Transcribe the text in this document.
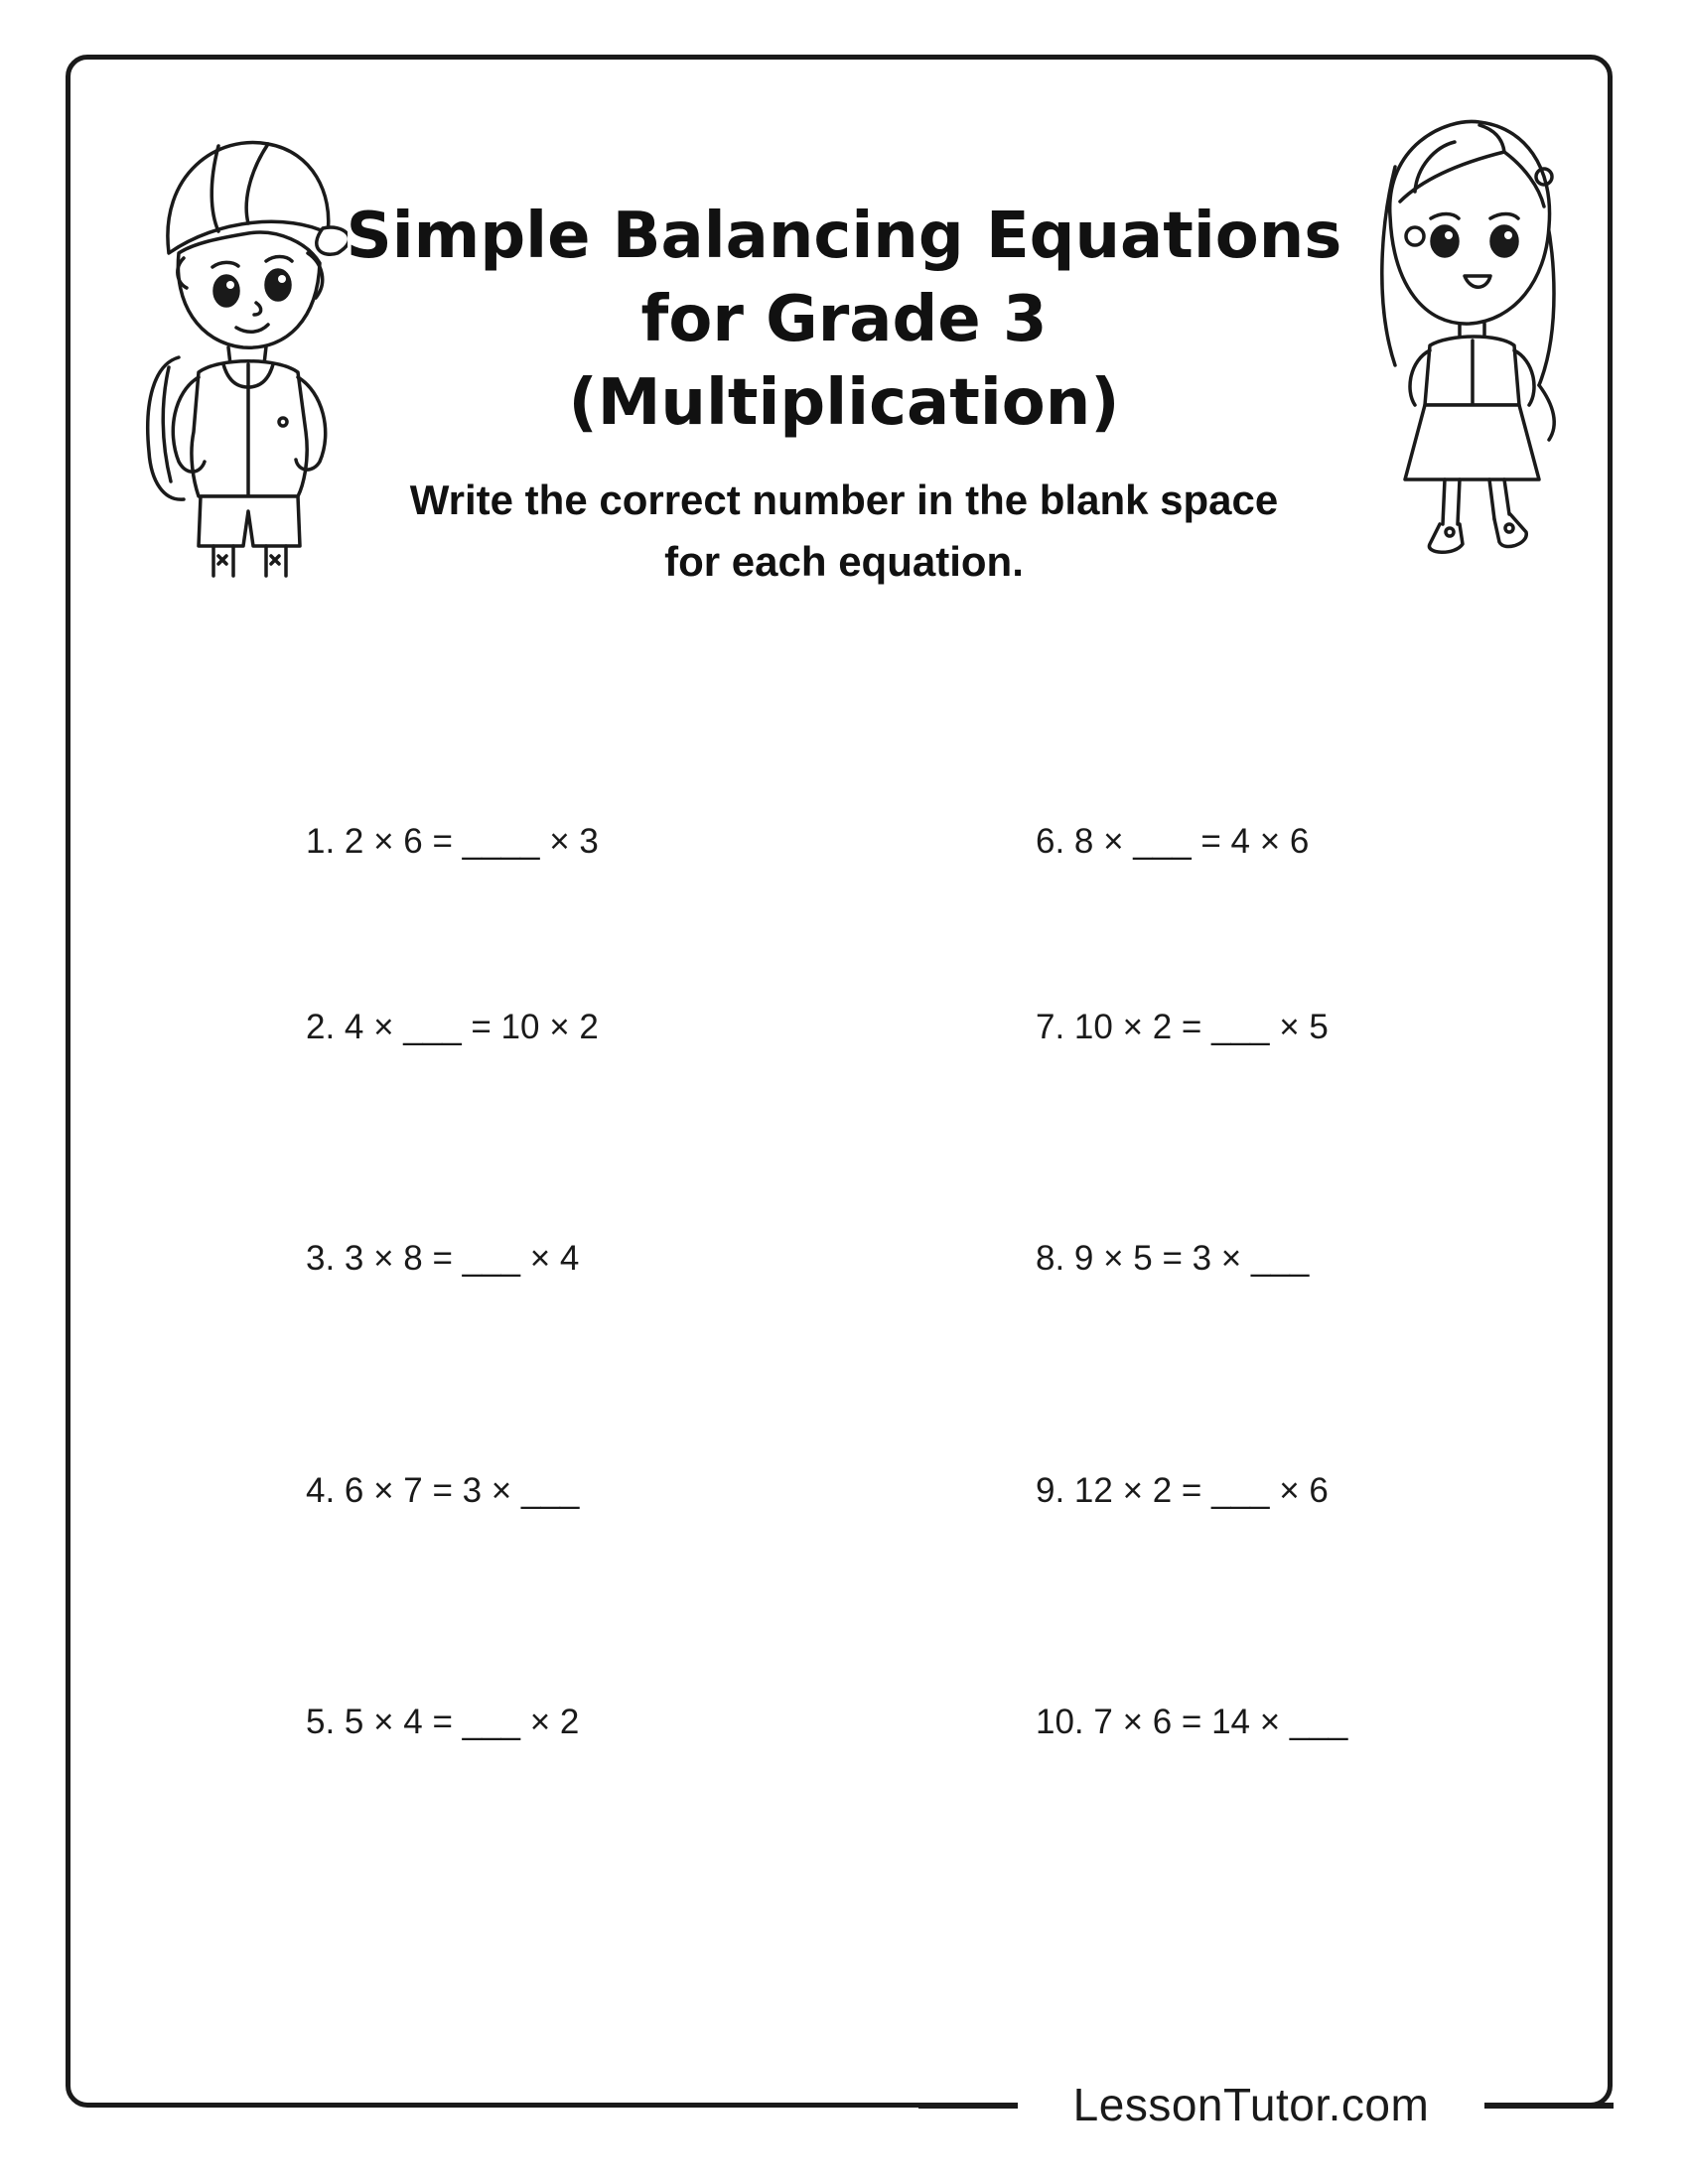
LessonTutor.com
Simple Balancing Equations
for Grade 3
(Multiplication)

Write the correct number in the blank space
for each equation.

1. 2 × 6 = ____ × 3
2. 4 × ___ = 10 × 2
3. 3 × 8 = ___ × 4
4. 6 × 7 = 3 × ___
5. 5 × 4 = ___ × 2
6. 8 × ___ = 4 × 6
7. 10 × 2 = ___ × 5
8. 9 × 5 = 3 × ___
9. 12 × 2 = ___ × 6
10. 7 × 6 = 14 × ___
